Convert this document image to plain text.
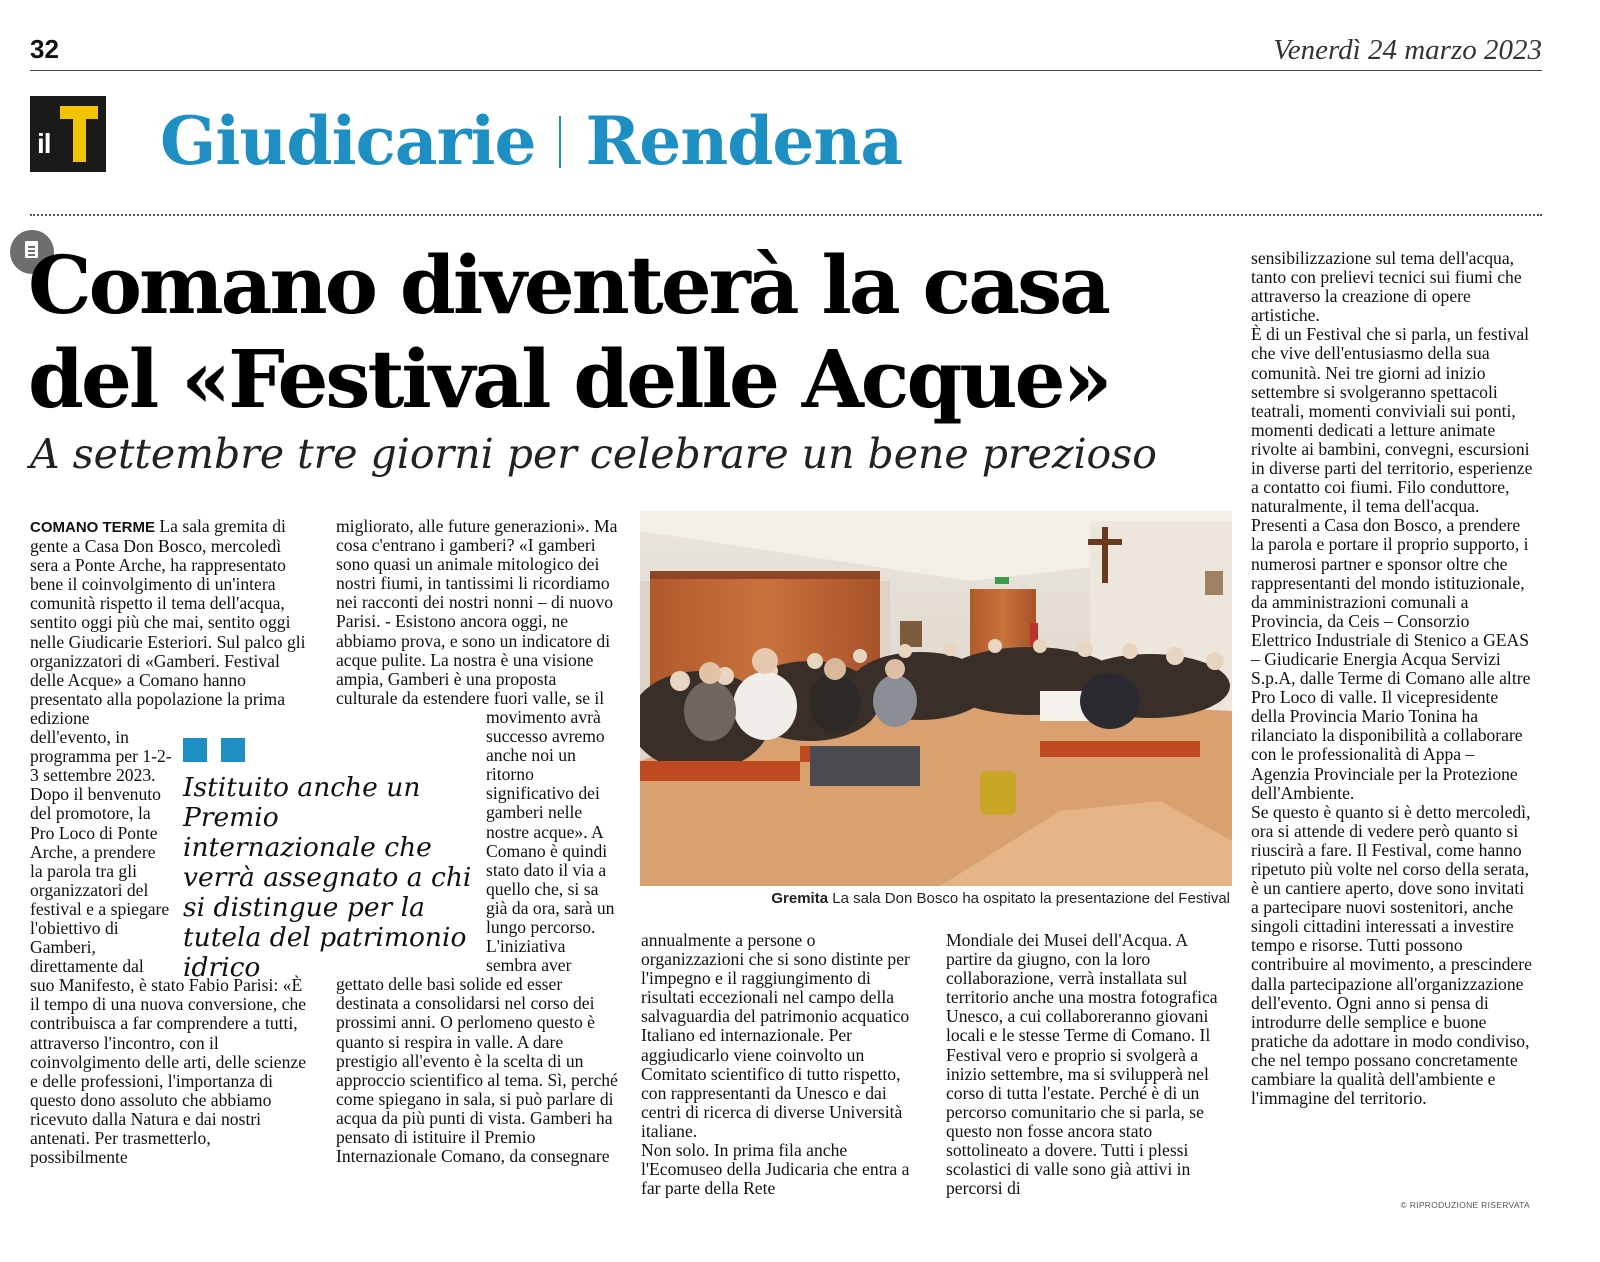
32	Venerdì 24 marzo 2023
il Giudicarie Rendena
Comano diventerà la casa
del «Festival delle Acque»
A settembre tre giorni per celebrare un bene prezioso

COMANO TERME La sala gremita di gente a Casa Don Bosco, mercoledì sera a Ponte Arche, ha rappresentato bene il coinvolgimento di un'intera comunità rispetto il tema dell'acqua, sentito oggi più che mai, sentito oggi nelle Giudicarie Esteriori. Sul palco gli organizzatori di «Gamberi. Festival delle Acque» a Comano hanno presentato alla popolazione la prima edizione dell'evento, in programma per 1-2-3 settembre 2023. Dopo il benvenuto del promotore, la Pro Loco di Ponte Arche, a prendere la parola tra gli organizzatori del festival e a spiegare l'obiettivo di Gamberi, direttamente dal suo Manifesto, è stato Fabio Parisi: «È il tempo di una nuova conversione, che contribuisca a far comprendere a tutti, attraverso l'incontro, con il coinvolgimento delle arti, delle scienze e delle professioni, l'importanza di questo dono assoluto che abbiamo ricevuto dalla Natura e dai nostri antenati. Per trasmetterlo, possibilmente

migliorato, alle future generazioni». Ma cosa c'entrano i gamberi? «I gamberi sono quasi un animale mitologico dei nostri fiumi, in tantissimi li ricordiamo nei racconti dei nostri nonni – di nuovo Parisi. - Esistono ancora oggi, ne abbiamo prova, e sono un indicatore di acque pulite. La nostra è una visione ampia, Gamberi è una proposta culturale da estendere fuori valle, se il movimento avrà successo avremo anche noi un ritorno significativo dei gamberi nelle nostre acque». A Comano è quindi stato dato il via a quello che, si sa già da ora, sarà un lungo percorso. L'iniziativa sembra aver gettato delle basi solide ed esser destinata a consolidarsi nel corso dei prossimi anni. O perlomeno questo è quanto si respira in valle. A dare prestigio all'evento è la scelta di un approccio scientifico al tema. Sì, perché come spiegano in sala, si può parlare di acqua da più punti di vista. Gamberi ha pensato di istituire il Premio Internazionale Comano, da consegnare

Istituito anche un Premio internazionale che verrà assegnato a chi si distingue per la tutela del patrimonio idrico
Gremita La sala Don Bosco ha ospitato la presentazione del Festival

annualmente a persone o organizzazioni che si sono distinte per l'impegno e il raggiungimento di risultati eccezionali nel campo della salvaguardia del patrimonio acquatico Italiano ed internazionale. Per aggiudicarlo viene coinvolto un Comitato scientifico di tutto rispetto, con rappresentanti da Unesco e dai centri di ricerca di diverse Università italiane.

Non solo. In prima fila anche l'Ecomuseo della Judicaria che entra a far parte della Rete

Mondiale dei Musei dell'Acqua. A partire da giugno, con la loro collaborazione, verrà installata sul territorio anche una mostra fotografica Unesco, a cui collaboreranno giovani locali e le stesse Terme di Comano. Il Festival vero e proprio si svolgerà a inizio settembre, ma si svilupperà nel corso di tutta l'estate. Perché è di un percorso comunitario che si parla, se questo non fosse ancora stato sottolineato a dovere. Tutti i plessi scolastici di valle sono già attivi in percorsi di

sensibilizzazione sul tema dell'acqua, tanto con prelievi tecnici sui fiumi che attraverso la creazione di opere artistiche.

È di un Festival che si parla, un festival che vive dell'entusiasmo della sua comunità. Nei tre giorni ad inizio settembre si svolgeranno spettacoli teatrali, momenti conviviali sui ponti, momenti dedicati a letture animate rivolte ai bambini, convegni, escursioni in diverse parti del territorio, esperienze a contatto coi fiumi. Filo conduttore, naturalmente, il tema dell'acqua. Presenti a Casa don Bosco, a prendere la parola e portare il proprio supporto, i numerosi partner e sponsor oltre che rappresentanti del mondo istituzionale, da amministrazioni comunali a Provincia, da Ceis – Consorzio Elettrico Industriale di Stenico a GEAS – Giudicarie Energia Acqua Servizi S.p.A, dalle Terme di Comano alle altre Pro Loco di valle. Il vicepresidente della Provincia Mario Tonina ha rilanciato la disponibilità a collaborare con le professionalità di Appa – Agenzia Provinciale per la Protezione dell'Ambiente.

Se questo è quanto si è detto mercoledì, ora si attende di vedere però quanto si riuscirà a fare. Il Festival, come hanno ripetuto più volte nel corso della serata, è un cantiere aperto, dove sono invitati a partecipare nuovi sostenitori, anche singoli cittadini interessati a investire tempo e risorse. Tutti possono contribuire al movimento, a prescindere dalla partecipazione all'organizzazione dell'evento. Ogni anno si pensa di introdurre delle semplice e buone pratiche da adottare in modo condiviso, che nel tempo possano concretamente cambiare la qualità dell'ambiente e l'immagine del territorio.

© RIPRODUZIONE RISERVATA
